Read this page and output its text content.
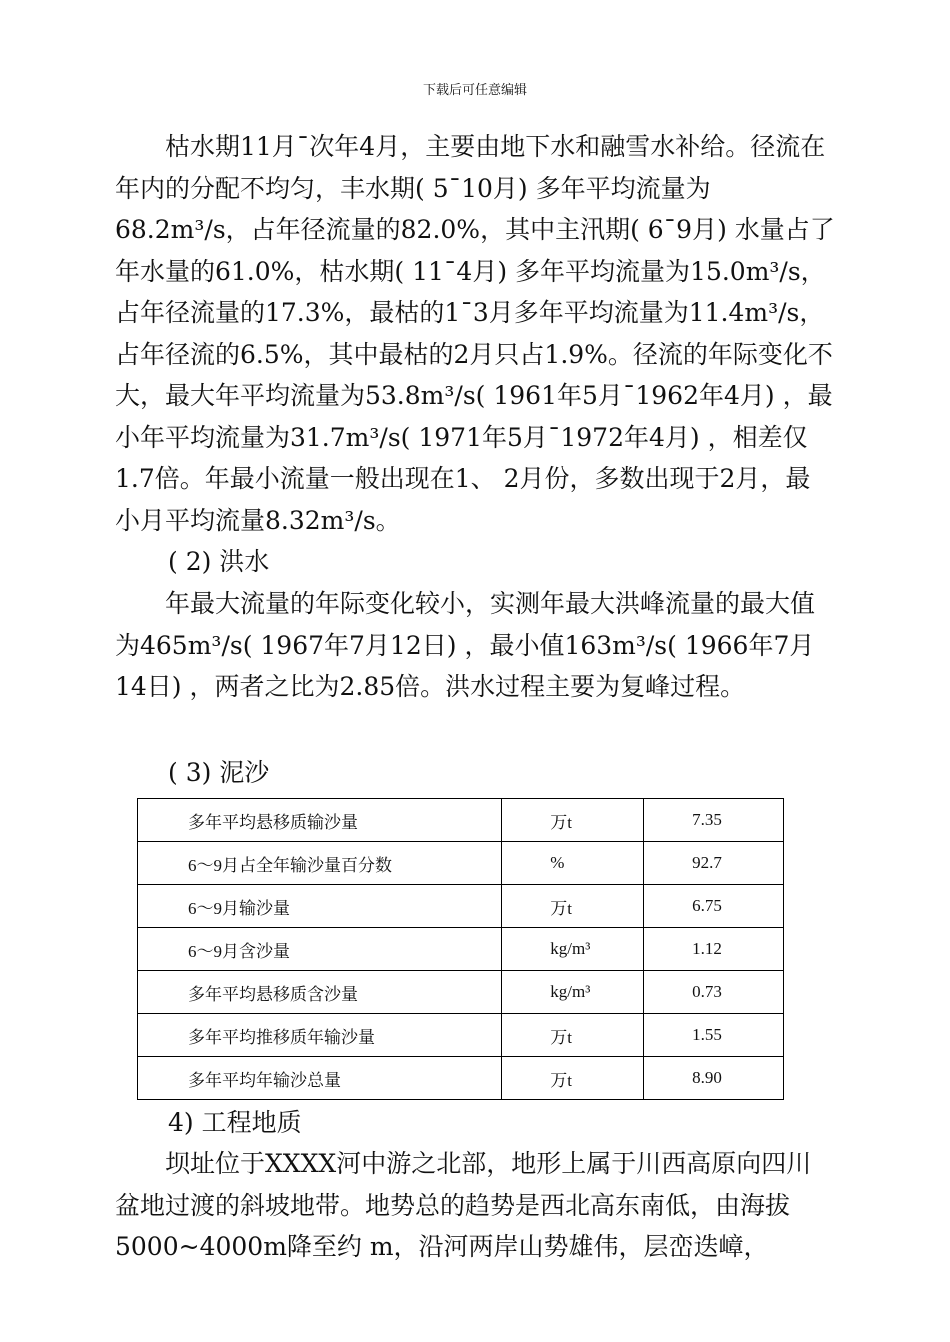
下载后可任意编辑

枯水期11月¯次年4月，主要由地下水和融雪水补给。径流在年内的分配不均匀，丰水期( 5¯10月) 多年平均流量为68.2m³/s，占年径流量的82.0%，其中主汛期( 6¯9月) 水量占了年水量的61.0%，枯水期( 11¯4月) 多年平均流量为15.0m³/s，占年径流量的17.3%，最枯的1¯3月多年平均流量为11.4m³/s，占年径流的6.5%，其中最枯的2月只占1.9%。径流的年际变化不大，最大年平均流量为53.8m³/s( 1961年5月¯1962年4月) ，最小年平均流量为31.7m³/s( 1971年5月¯1972年4月) ，相差仅1.7倍。年最小流量一般出现在1、 2月份，多数出现于2月，最小月平均流量8.32m³/s。

( 2) 洪水

年最大流量的年际变化较小，实测年最大洪峰流量的最大值为465m³/s( 1967年7月12日) ，最小值163m³/s( 1966年7月14日) ，两者之比为2.85倍。洪水过程主要为复峰过程。

( 3) 泥沙
多年平均悬移质输沙量	万t	7.35
6～9月占全年输沙量百分数	%	92.7
6～9月输沙量	万t	6.75
6～9月含沙量	kg/m³	1.12
多年平均悬移质含沙量	kg/m³	0.73
多年平均推移质年输沙量	万t	1.55
多年平均年输沙总量	万t	8.90
4) 工程地质

坝址位于XXXX河中游之北部，地形上属于川西高原向四川盆地过渡的斜坡地带。地势总的趋势是西北高东南低，由海拔5000~4000m降至约 m，沿河两岸山势雄伟，层峦迭嶂，
